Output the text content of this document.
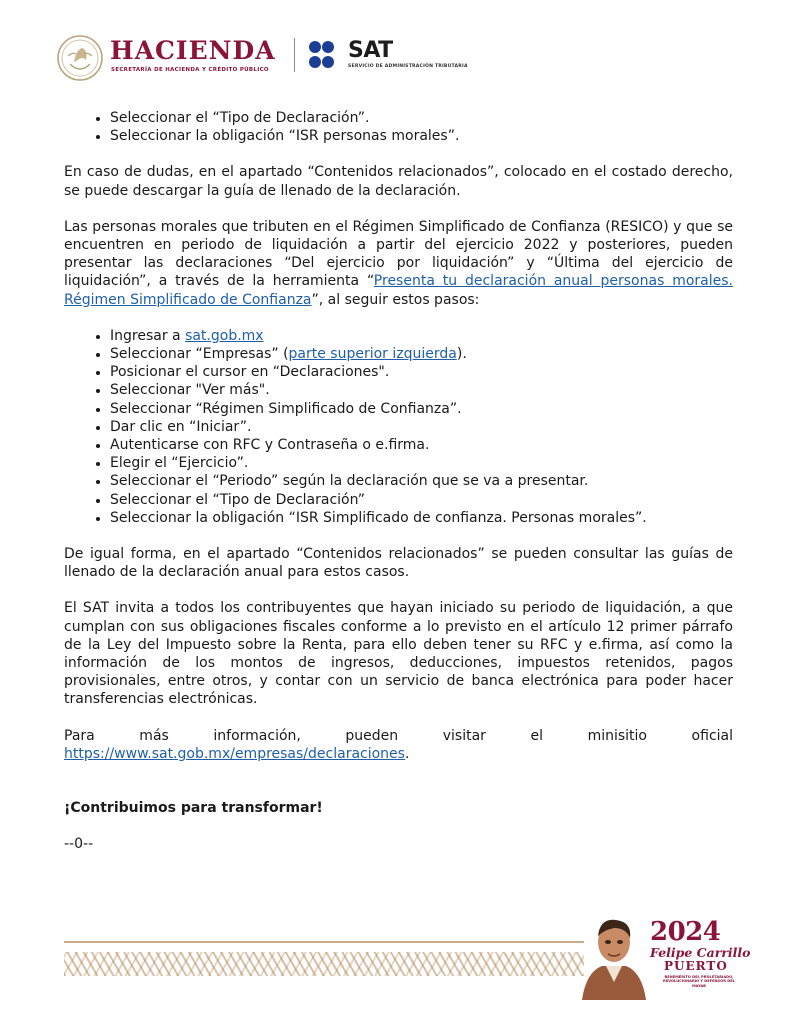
HACIENDA
SECRETARÍA DE HACIENDA Y CRÉDITO PÚBLICO
SAT
SERVICIO DE ADMINISTRACIÓN TRIBUTARIA
• Seleccionar el “Tipo de Declaración”.
• Seleccionar la obligación “ISR personas morales”.

En caso de dudas, en el apartado “Contenidos relacionados”, colocado en el costado derecho, se puede descargar la guía de llenado de la declaración.

Las personas morales que tributen en el Régimen Simplificado de Confianza (RESICO) y que se encuentren en periodo de liquidación a partir del ejercicio 2022 y posteriores, pueden presentar las declaraciones “Del ejercicio por liquidación” y “Última del ejercicio de liquidación”, a través de la herramienta “Presenta tu declaración anual personas morales. Régimen Simplificado de Confianza”, al seguir estos pasos:

• Ingresar a sat.gob.mx
• Seleccionar “Empresas” (parte superior izquierda).
• Posicionar el cursor en “Declaraciones".
• Seleccionar "Ver más".
• Seleccionar “Régimen Simplificado de Confianza”.
• Dar clic en “Iniciar”.
• Autenticarse con RFC y Contraseña o e.firma.
• Elegir el “Ejercicio”.
• Seleccionar el “Periodo” según la declaración que se va a presentar.
• Seleccionar el “Tipo de Declaración”
• Seleccionar la obligación “ISR Simplificado de confianza. Personas morales”.

De igual forma, en el apartado “Contenidos relacionados” se pueden consultar las guías de llenado de la declaración anual para estos casos.

El SAT invita a todos los contribuyentes que hayan iniciado su periodo de liquidación, a que cumplan con sus obligaciones fiscales conforme a lo previsto en el artículo 12 primer párrafo de la Ley del Impuesto sobre la Renta, para ello deben tener su RFC y e.firma, así como la información de los montos de ingresos, deducciones, impuestos retenidos, pagos provisionales, entre otros, y contar con un servicio de banca electrónica para poder hacer transferencias electrónicas.

Para más información, pueden visitar el minisitio oficial

https://www.sat.gob.mx/empresas/declaraciones.

¡Contribuimos para transformar!

--0--

2024
Felipe Carrillo
PUERTO
BENEMÉRITO DEL PROLETARIADO, REVOLUCIONARIO Y DEFENSOR DEL MAYAB
